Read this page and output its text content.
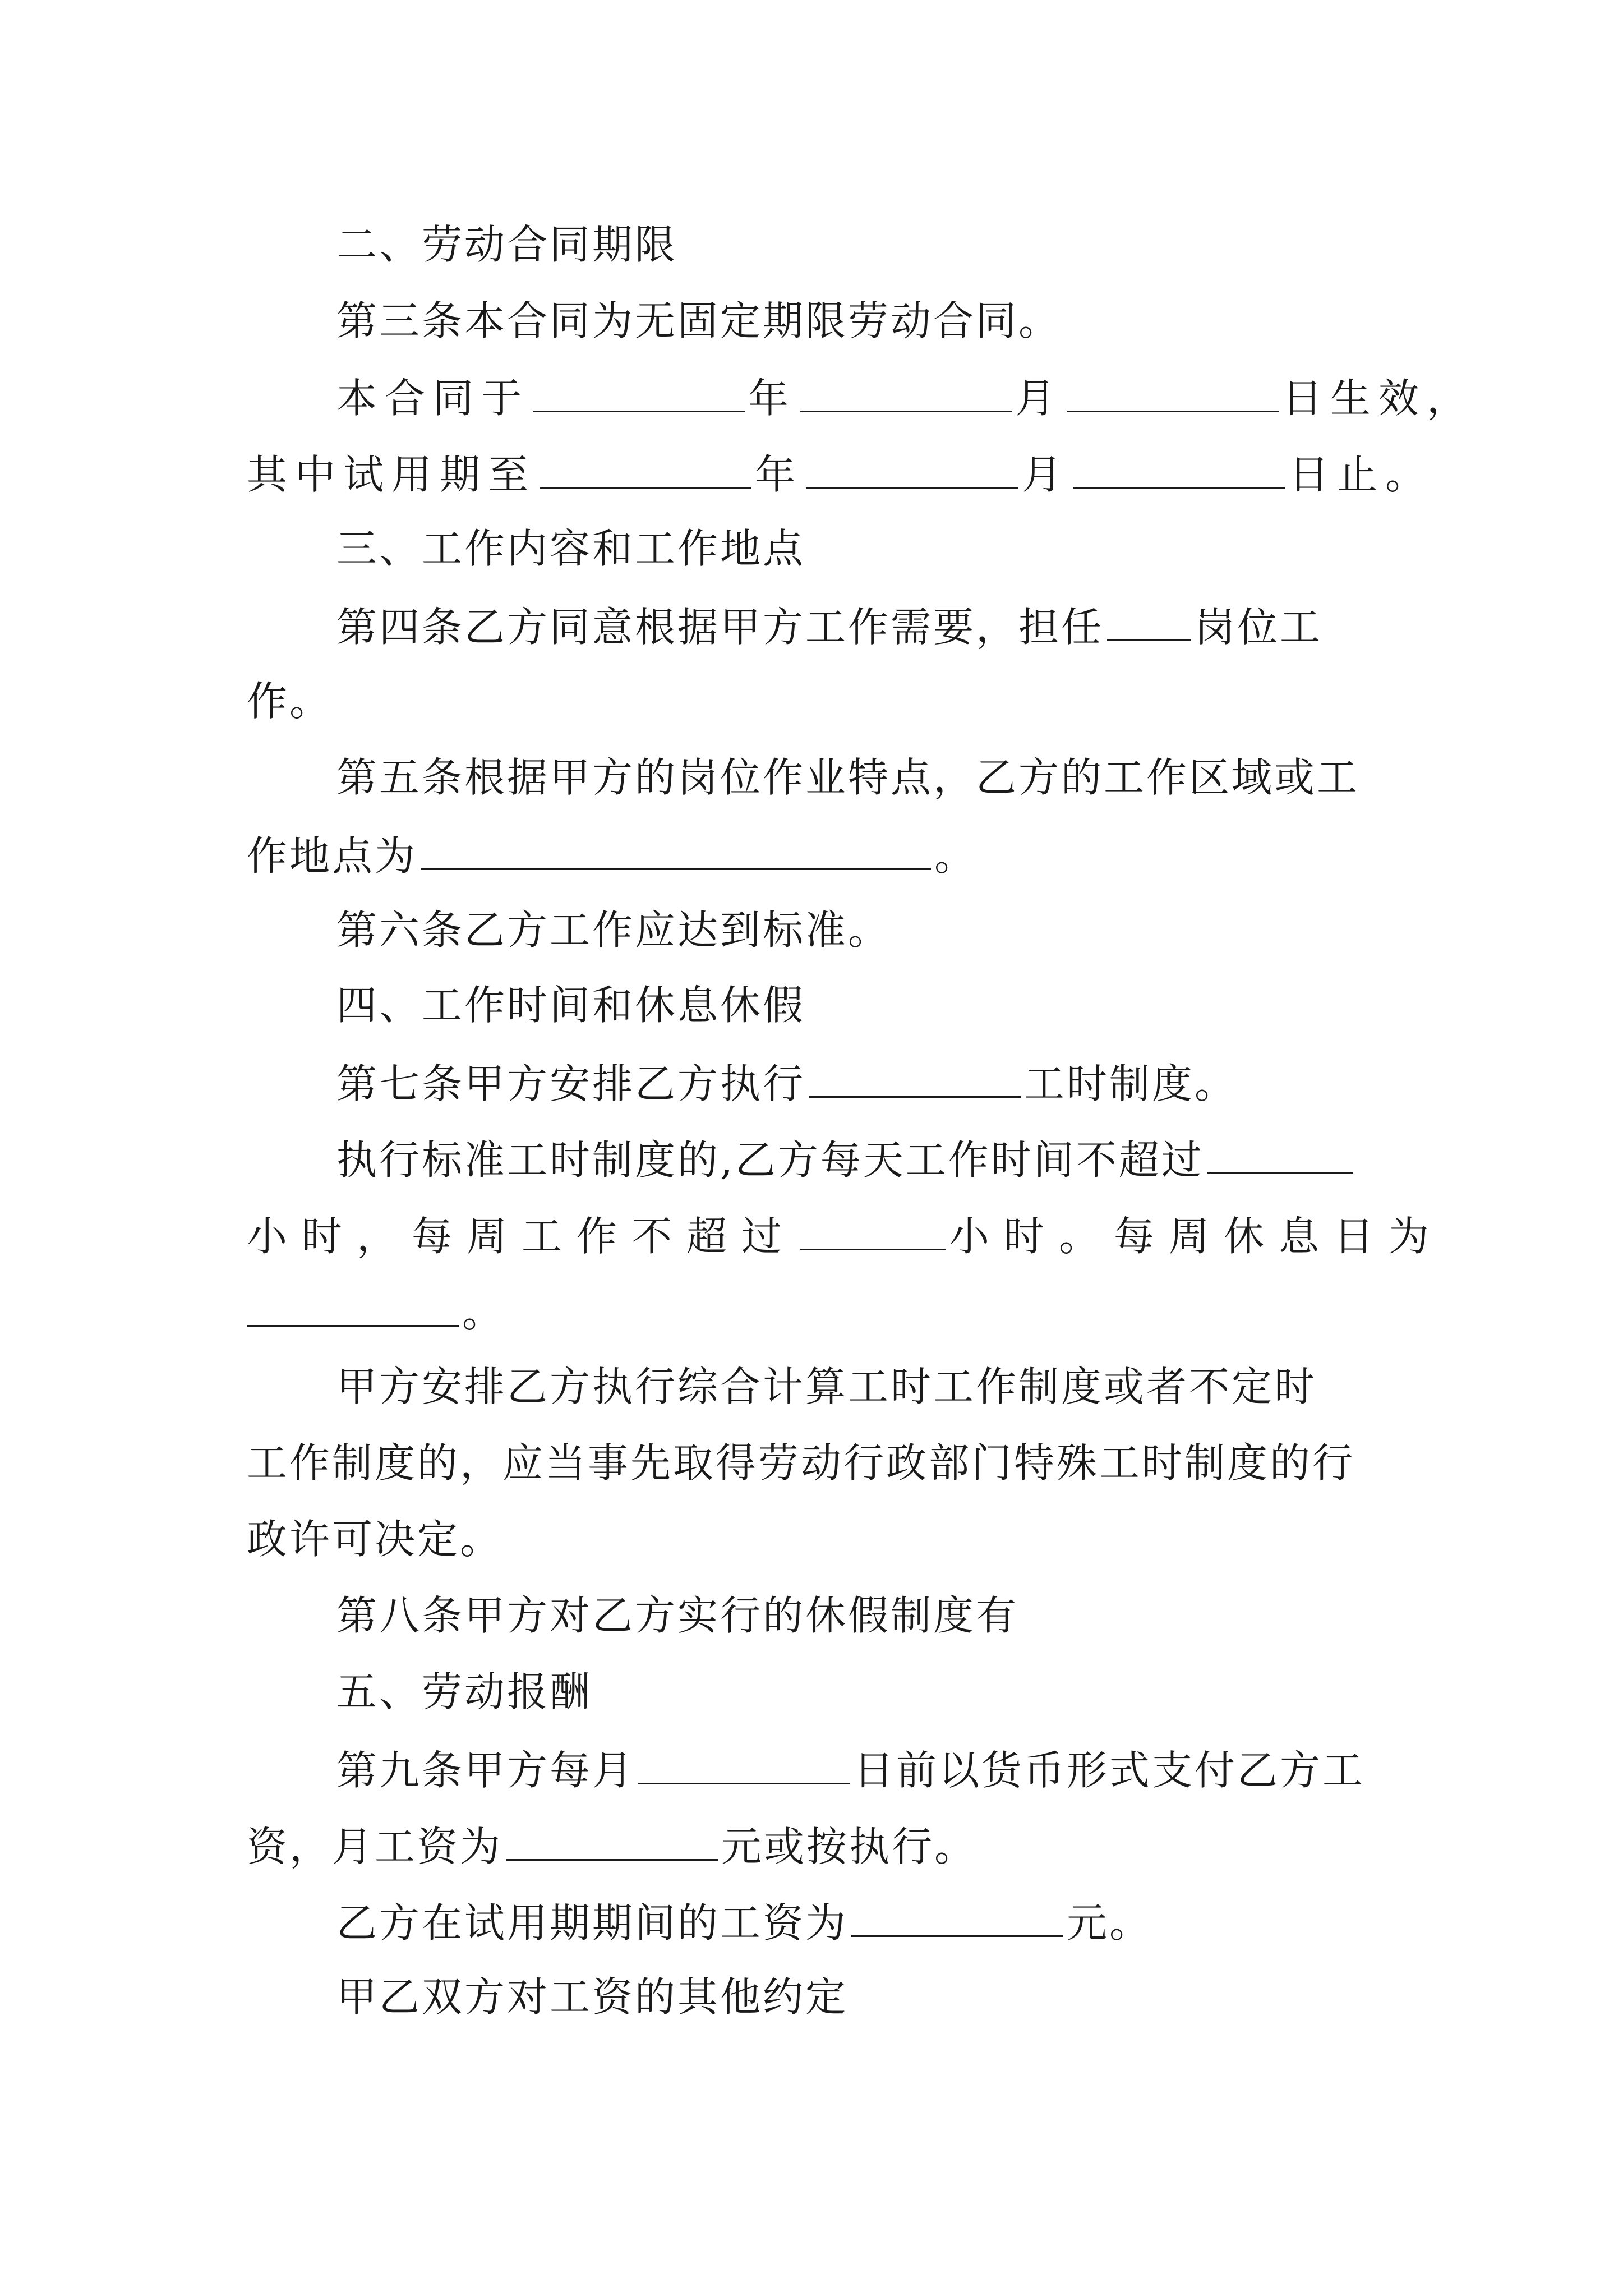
二、劳动合同期限
第三条本合同为无固定期限劳动合同。
本合同于	年	月	日生效，
其中试用期至	年	月	日止。
三、工作内容和工作地点
第四条乙方同意根据甲方工作需要，担任 岗位工
作。
第五条根据甲方的岗位作业特点，乙方的工作区域或工
作地点为	。
第六条乙方工作应达到标准。
四、工作时间和休息休假
第七条甲方安排乙方执行	工时制度。
执行标准工时制度的,乙方每天工作时间不超过
小时，每周工作不超过	小时。每周休息日为
。
甲方安排乙方执行综合计算工时工作制度或者不定时
工作制度的，应当事先取得劳动行政部门特殊工时制度的行
政许可决定。
第八条甲方对乙方实行的休假制度有
五、劳动报酬
第九条甲方每月	日前以货币形式支付乙方工
资，月工资为	元或按执行。
乙方在试用期期间的工资为	元。
甲乙双方对工资的其他约定
